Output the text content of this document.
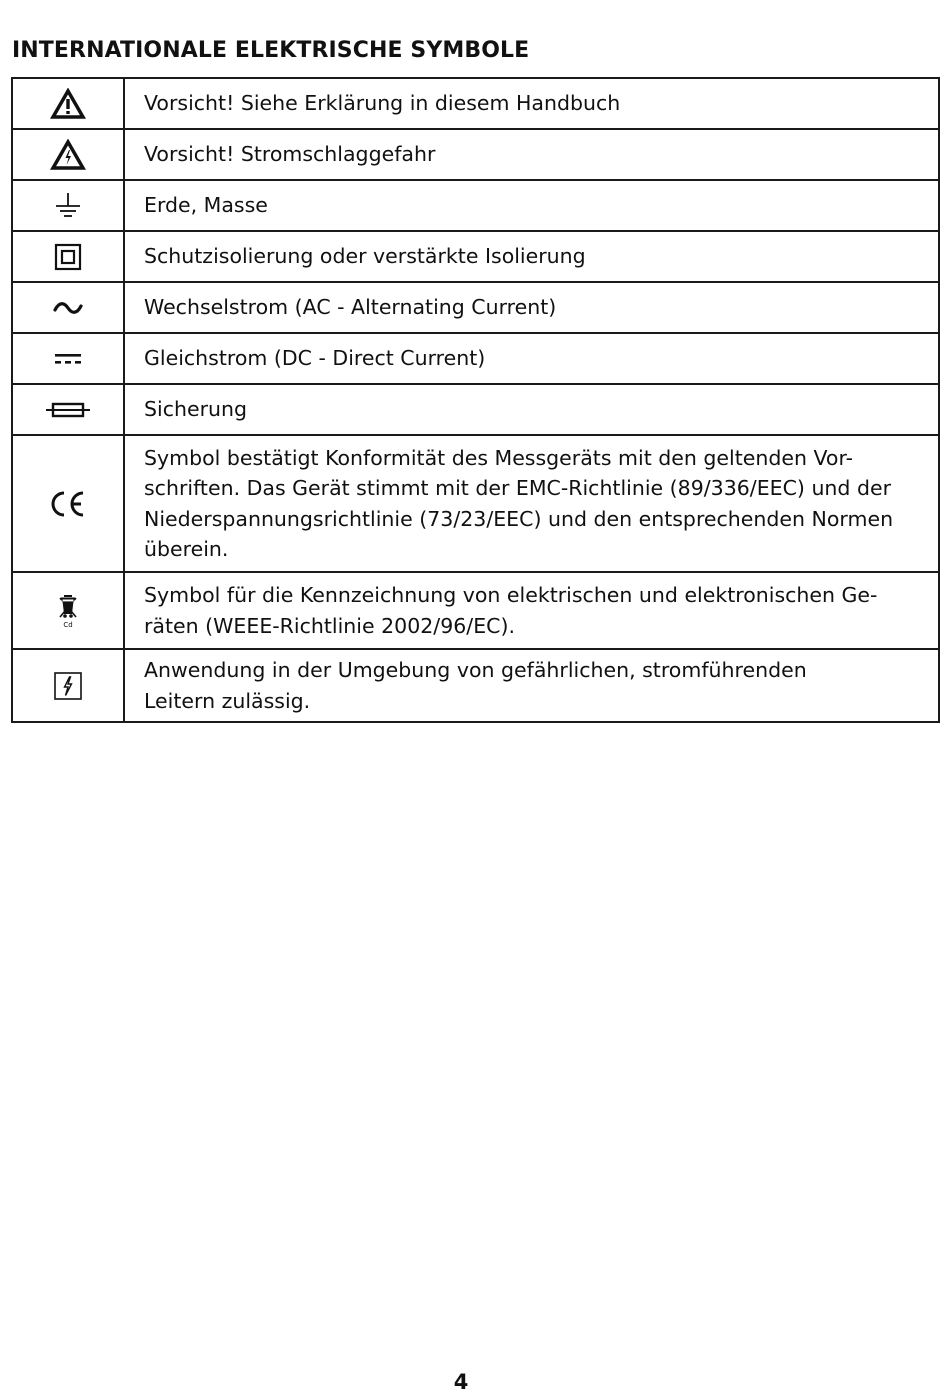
INTERNATIONALE ELEKTRISCHE SYMBOLE
	Vorsicht! Siehe Erklärung in diesem Handbuch

	Vorsicht! Stromschlaggefahr

	Erde, Masse

	Schutzisolierung oder verstärkte Isolierung

	Wechselstrom (AC - Alternating Current)

	Gleichstrom (DC - Direct Current)

	Sicherung

	Symbol bestätigt Konformität des Messgeräts mit den geltenden Vor-
schriften. Das Gerät stimmt mit der EMC-Richtlinie (89/336/EEC) und der
Niederspannungsrichtlinie (73/23/EEC) und den entsprechenden Normen
überein.

Cd	Symbol für die Kennzeichnung von elektrischen und elektronischen Ge-
räten (WEEE-Richtlinie 2002/96/EC).

	Anwendung in der Umgebung von gefährlichen, stromführenden
Leitern zulässig.
4
